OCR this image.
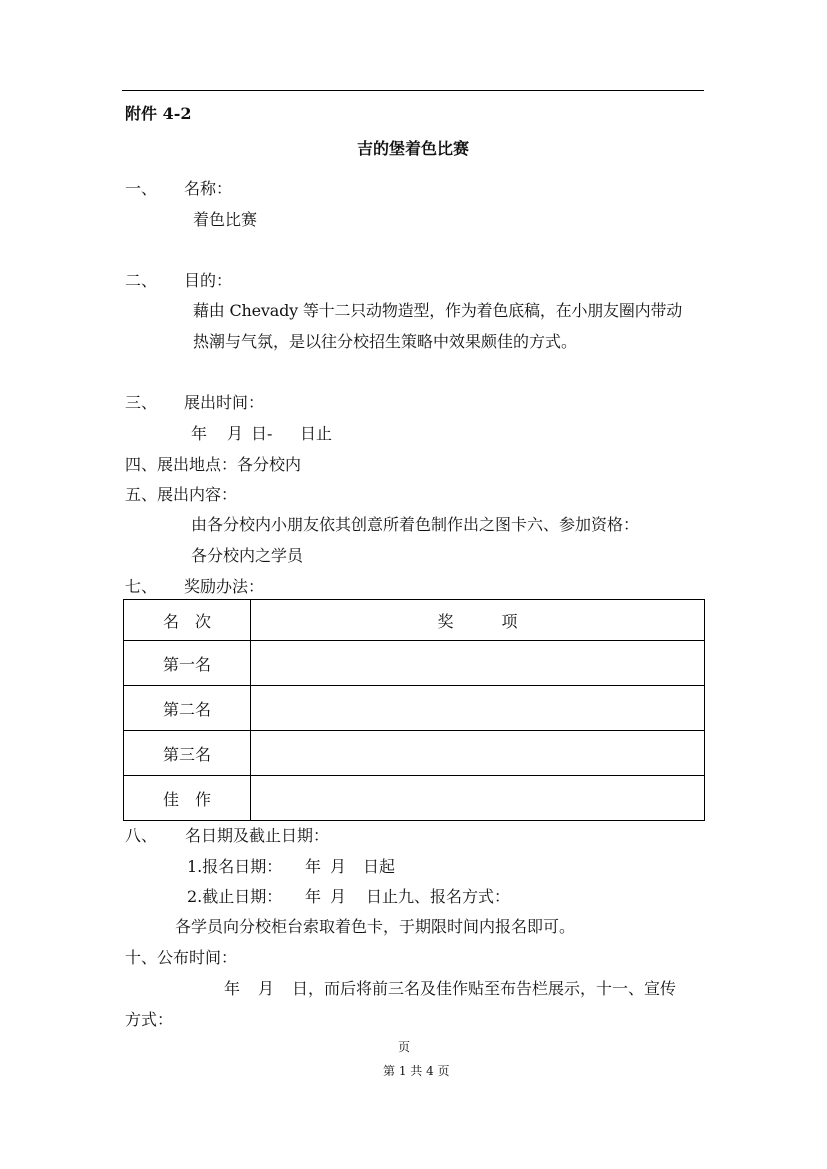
附件 4-2
吉的堡着色比赛
一、 名称：
着色比赛
二、 目的：
藉由 Chevady 等十二只动物造型，作为着色底稿，在小朋友圈内带动
热潮与气氛，是以往分校招生策略中效果颇佳的方式。
三、 展出时间：
年 月 日- 日止
四、展出地点：各分校内
五、展出内容：
由各分校内小朋友依其创意所着色制作出之图卡六、参加资格：
各分校内之学员
七、 奖励办法：
名　次	奖　　　项
第一名	
第二名	
第三名	
佳　作	
八、 名日期及截止日期：
1.报名日期： 年 月 日起
2.截止日期： 年 月 日止九、报名方式：
各学员向分校柜台索取着色卡，于期限时间内报名即可。
十、公布时间：
年 月 日，而后将前三名及佳作贴至布告栏展示，十一、宣传
方式：
页
第 1 共 4 页
